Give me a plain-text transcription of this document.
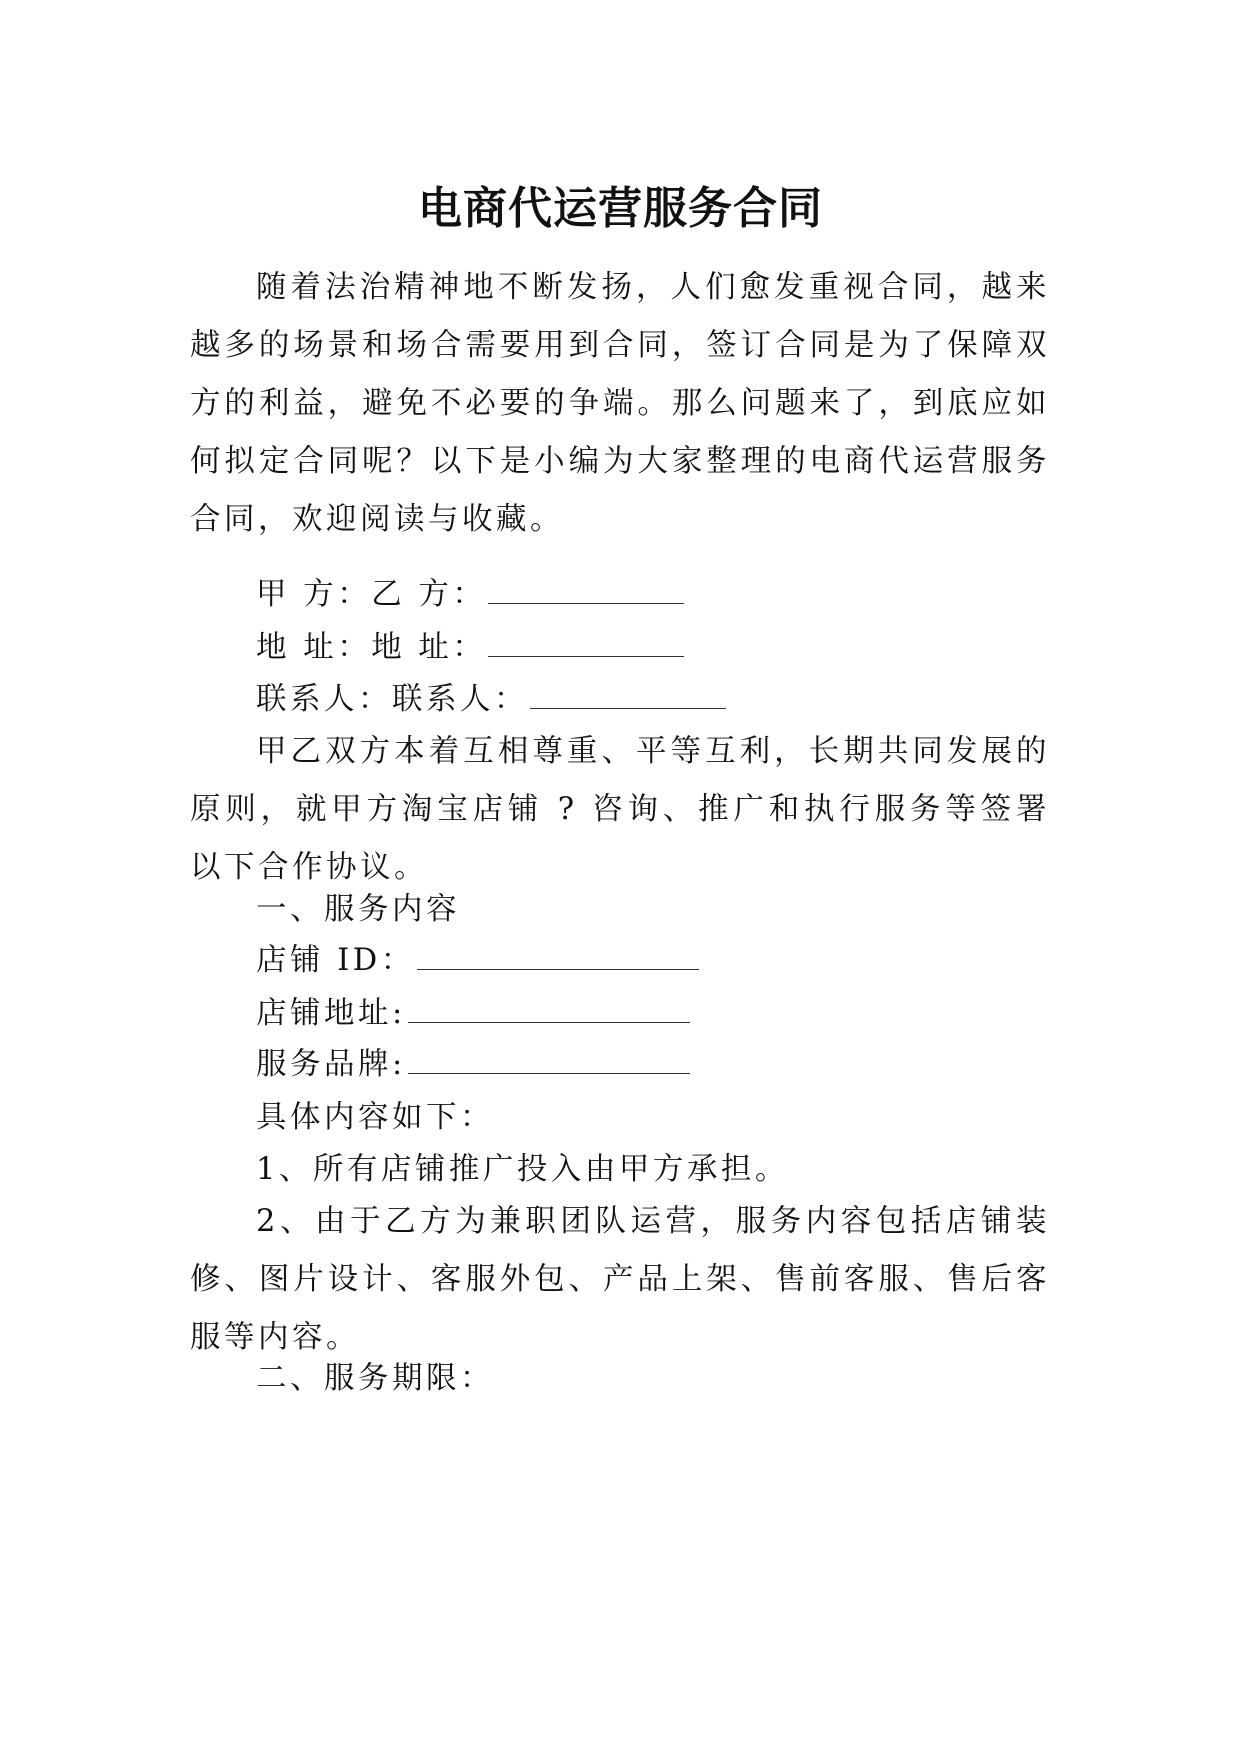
电商代运营服务合同

随着法治精神地不断发扬，人们愈发重视合同，越来越多的场景和场合需要用到合同，签订合同是为了保障双方的利益，避免不必要的争端。那么问题来了，到底应如何拟定合同呢？以下是小编为大家整理的电商代运营服务合同，欢迎阅读与收藏。

甲 方：乙 方：

地 址：地 址：

联系人：联系人：

甲乙双方本着互相尊重、平等互利，长期共同发展的原则，就甲方淘宝店铺 ? 咨询、推广和执行服务等签署以下合作协议。

一、服务内容

店铺 ID：

店铺地址:

服务品牌:

具体内容如下：

1、所有店铺推广投入由甲方承担。

2、由于乙方为兼职团队运营，服务内容包括店铺装修、图片设计、客服外包、产品上架、售前客服、售后客服等内容。

二、服务期限：
